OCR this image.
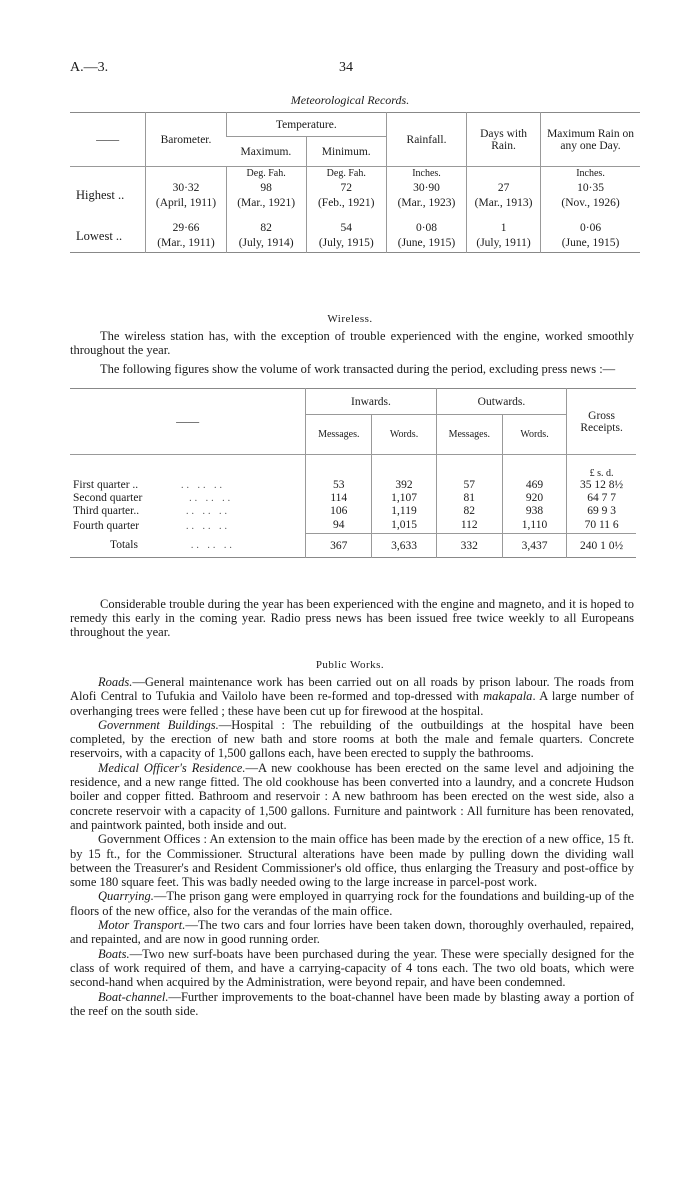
A.—3.	34
Meteorological Records.
——	Barometer.	Temperature.		Rainfall.	Days with Rain.	Maximum Rain on any one Day.
		Maximum.	Minimum.			
		Deg. Fah.	Deg. Fah.	Inches.		Inches.
Highest ..	30·32	98	72	30·90	27	10·35
	(April, 1911)	(Mar., 1921)	(Feb., 1921)	(Mar., 1923)	(Mar., 1913)	(Nov., 1926)

Lowest ..	29·66	82	54	0·08	1	0·06
	(Mar., 1911)	(July, 1914)	(July, 1915)	(June, 1915)	(July, 1911)	(June, 1915)
Wireless.
The wireless station has, with the exception of trouble experienced with the engine, worked smoothly throughout the year.
The following figures show the volume of work transacted during the period, excluding press news :—
——	Inwards.		Outwards.		Gross Receipts.
	Messages.	Words.	Messages.	Words.	
					£ s. d.
First quarter .. .. .. ..	53	392	57	469	35 12 8½
Second quarter .. .. ..	114	1,107	81	920	64 7 7
Third quarter.. .. .. ..	106	1,119	82	938	69 9 3
Fourth quarter .. .. ..	94	1,015	112	1,110	70 11 6
Totals .. .. ..	367	3,633	332	3,437	240 1 0½
Considerable trouble during the year has been experienced with the engine and magneto, and it is hoped to remedy this early in the coming year. Radio press news has been issued free twice weekly to all Europeans throughout the year.
Public Works.

Roads.—General maintenance work has been carried out on all roads by prison labour. The roads from Alofi Central to Tufukia and Vailolo have been re-formed and top-dressed with makapala. A large number of overhanging trees were felled ; these have been cut up for firewood at the hospital.

Government Buildings.—Hospital : The rebuilding of the outbuildings at the hospital have been completed, by the erection of new bath and store rooms at both the male and female quarters. Concrete reservoirs, with a capacity of 1,500 gallons each, have been erected to supply the bathrooms.

Medical Officer's Residence.—A new cookhouse has been erected on the same level and adjoining the residence, and a new range fitted. The old cookhouse has been converted into a laundry, and a concrete Hudson boiler and copper fitted. Bathroom and reservoir : A new bathroom has been erected on the west side, also a concrete reservoir with a capacity of 1,500 gallons. Furniture and paintwork : All furniture has been renovated, and paintwork painted, both inside and out.

Government Offices : An extension to the main office has been made by the erection of a new office, 15 ft. by 15 ft., for the Commissioner. Structural alterations have been made by pulling down the dividing wall between the Treasurer's and Resident Commissioner's old office, thus enlarging the Treasury and post-office by some 180 square feet. This was badly needed owing to the large increase in parcel-post work.

Quarrying.—The prison gang were employed in quarrying rock for the foundations and building-up of the floors of the new office, also for the verandas of the main office.

Motor Transport.—The two cars and four lorries have been taken down, thoroughly overhauled, repaired, and repainted, and are now in good running order.

Boats.—Two new surf-boats have been purchased during the year. These were specially designed for the class of work required of them, and have a carrying-capacity of 4 tons each. The two old boats, which were second-hand when acquired by the Administration, were beyond repair, and have been condemned.

Boat-channel.—Further improvements to the boat-channel have been made by blasting away a portion of the reef on the south side.
